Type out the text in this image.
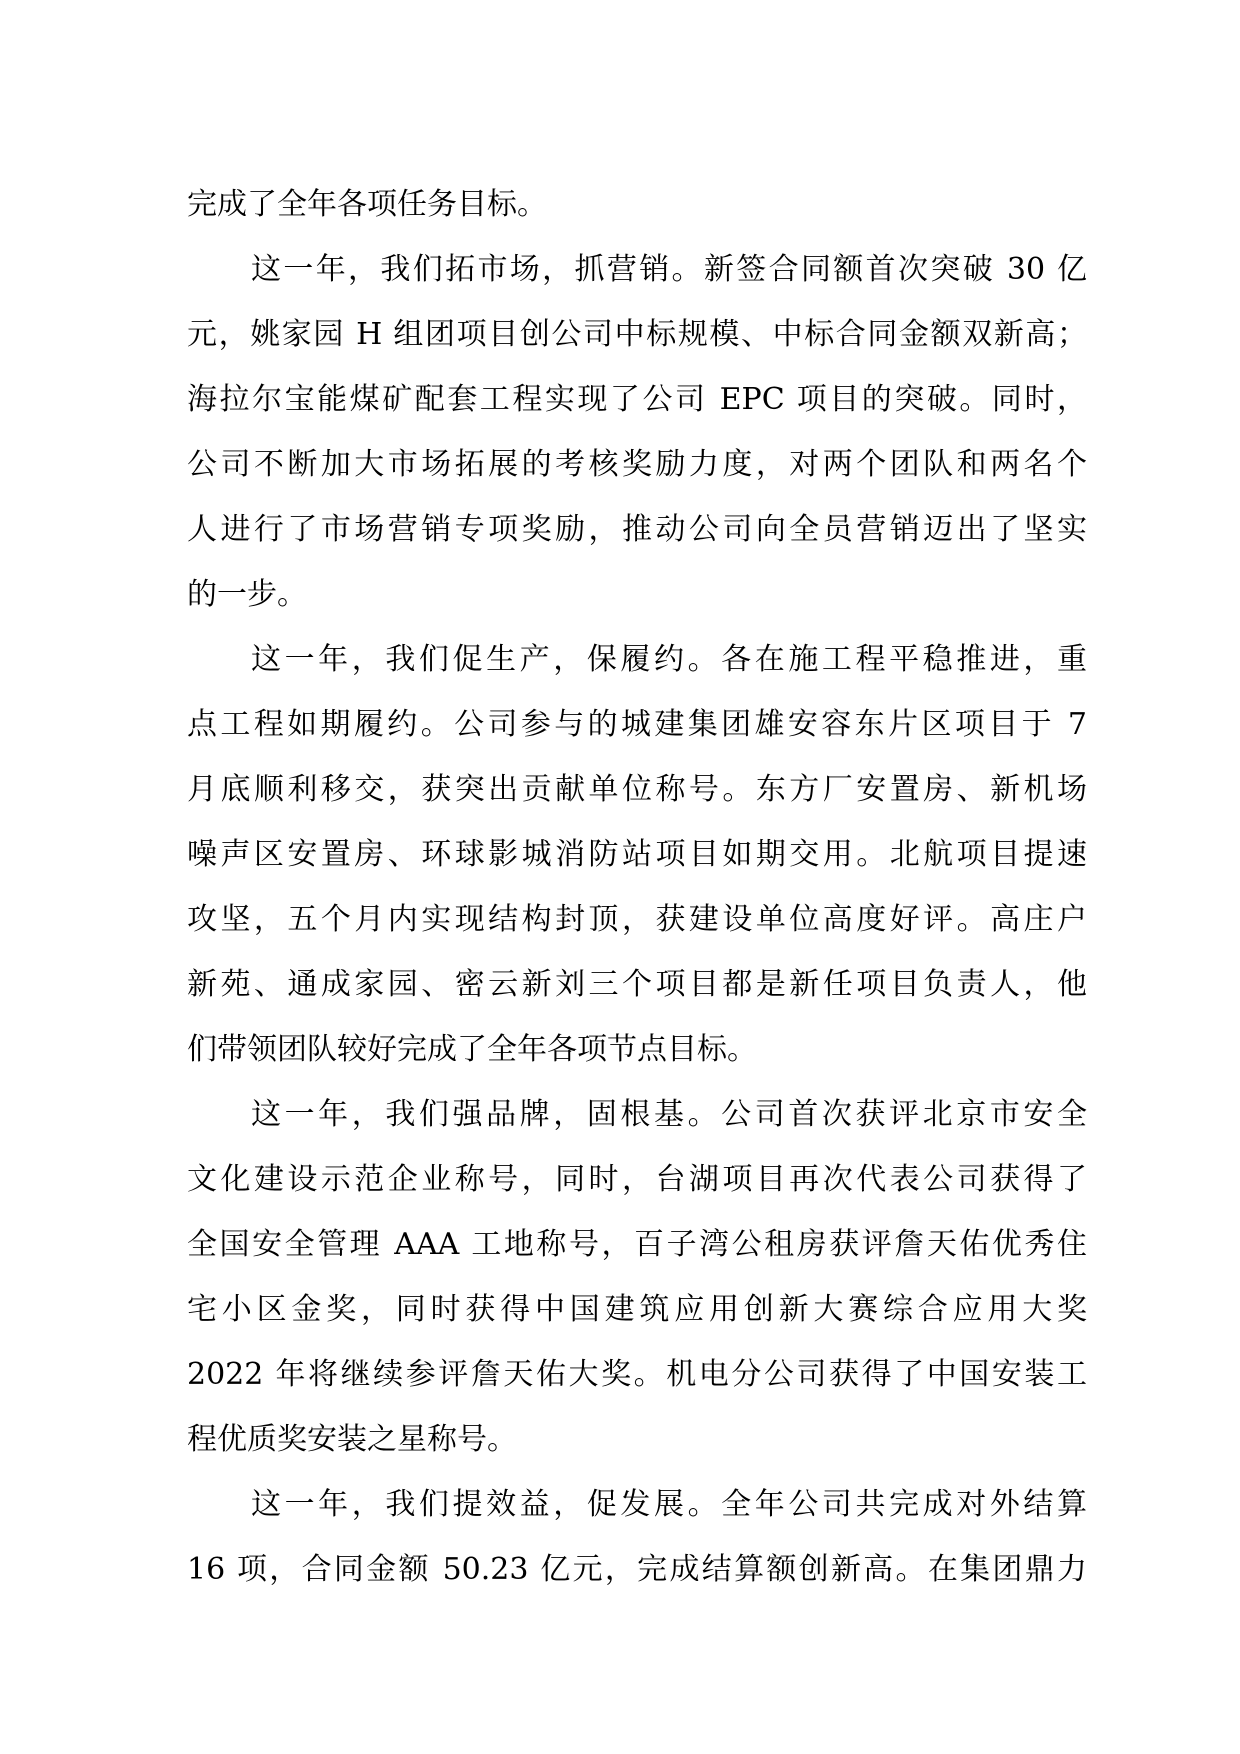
完成了全年各项任务目标。
这一年，我们拓市场，抓营销。新签合同额首次突破 30 亿
元，姚家园 H 组团项目创公司中标规模、中标合同金额双新高；
海拉尔宝能煤矿配套工程实现了公司 EPC 项目的突破。同时，
公司不断加大市场拓展的考核奖励力度，对两个团队和两名个
人进行了市场营销专项奖励，推动公司向全员营销迈出了坚实
的一步。
这一年，我们促生产，保履约。各在施工程平稳推进，重
点工程如期履约。公司参与的城建集团雄安容东片区项目于 7
月底顺利移交，获突出贡献单位称号。东方厂安置房、新机场
噪声区安置房、环球影城消防站项目如期交用。北航项目提速
攻坚，五个月内实现结构封顶，获建设单位高度好评。高庄户
新苑、通成家园、密云新刘三个项目都是新任项目负责人，他
们带领团队较好完成了全年各项节点目标。
这一年，我们强品牌，固根基。公司首次获评北京市安全
文化建设示范企业称号，同时，台湖项目再次代表公司获得了
全国安全管理 AAA 工地称号，百子湾公租房获评詹天佑优秀住
宅小区金奖，同时获得中国建筑应用创新大赛综合应用大奖
2022 年将继续参评詹天佑大奖。机电分公司获得了中国安装工
程优质奖安装之星称号。
这一年，我们提效益，促发展。全年公司共完成对外结算
16 项，合同金额 50.23 亿元，完成结算额创新高。在集团鼎力
